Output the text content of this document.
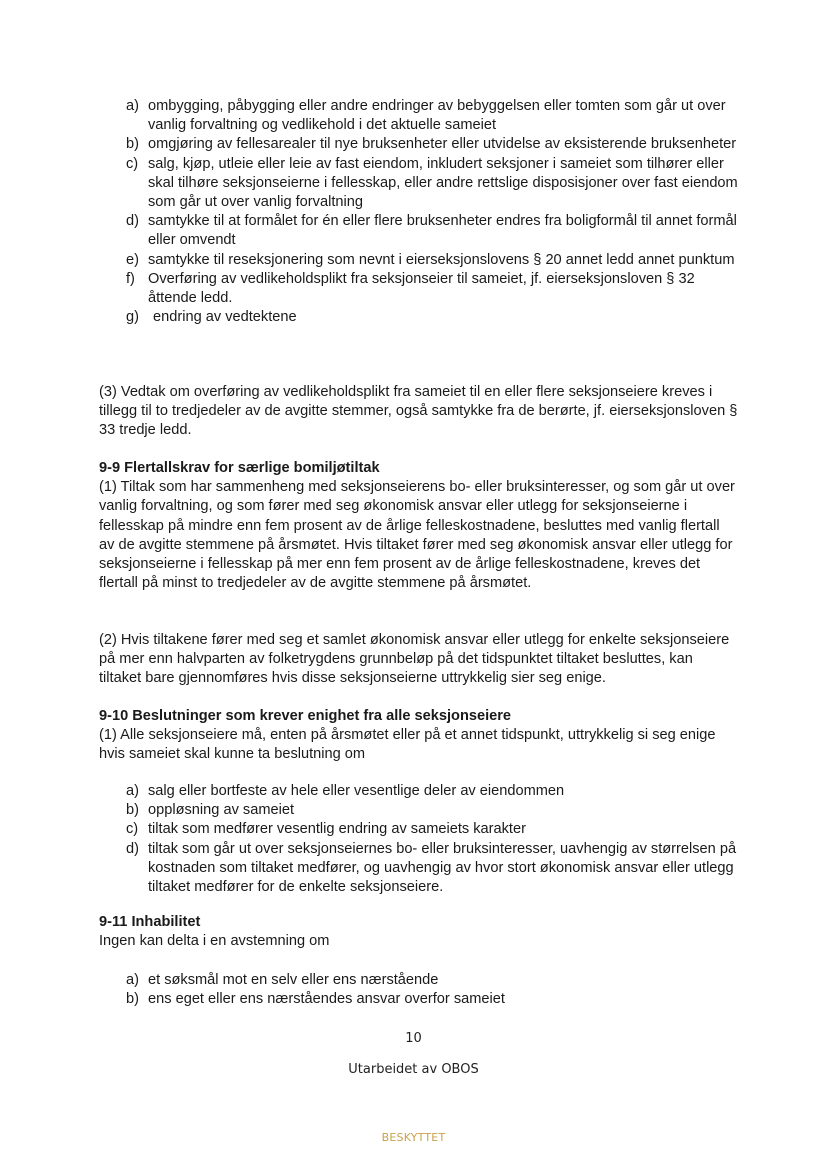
a) ombygging, påbygging eller andre endringer av bebyggelsen eller tomten som går ut over vanlig forvaltning og vedlikehold i det aktuelle sameiet
b) omgjøring av fellesarealer til nye bruksenheter eller utvidelse av eksisterende bruksenheter
c) salg, kjøp, utleie eller leie av fast eiendom, inkludert seksjoner i sameiet som tilhører eller skal tilhøre seksjonseierne i fellesskap, eller andre rettslige disposisjoner over fast eiendom som går ut over vanlig forvaltning
d) samtykke til at formålet for én eller flere bruksenheter endres fra boligformål til annet formål eller omvendt
e) samtykke til reseksjonering som nevnt i eierseksjonslovens § 20 annet ledd annet punktum
f) Overføring av vedlikeholdsplikt fra seksjonseier til sameiet, jf. eierseksjonsloven § 32 åttende ledd.
g) endring av vedtektene
(3) Vedtak om overføring av vedlikeholdsplikt fra sameiet til en eller flere seksjonseiere kreves i tillegg til to tredjedeler av de avgitte stemmer, også samtykke fra de berørte, jf. eierseksjonsloven § 33 tredje ledd.
9-9 Flertallskrav for særlige bomiljøtiltak
(1) Tiltak som har sammenheng med seksjonseierens bo- eller bruksinteresser, og som går ut over vanlig forvaltning, og som fører med seg økonomisk ansvar eller utlegg for seksjonseierne i fellesskap på mindre enn fem prosent av de årlige felleskostnadene, besluttes med vanlig flertall av de avgitte stemmene på årsmøtet. Hvis tiltaket fører med seg økonomisk ansvar eller utlegg for seksjonseierne i fellesskap på mer enn fem prosent av de årlige felleskostnadene, kreves det flertall på minst to tredjedeler av de avgitte stemmene på årsmøtet.
(2) Hvis tiltakene fører med seg et samlet økonomisk ansvar eller utlegg for enkelte seksjonseiere på mer enn halvparten av folketrygdens grunnbeløp på det tidspunktet tiltaket besluttes, kan tiltaket bare gjennomføres hvis disse seksjonseierne uttrykkelig sier seg enige.
9-10 Beslutninger som krever enighet fra alle seksjonseiere
(1) Alle seksjonseiere må, enten på årsmøtet eller på et annet tidspunkt, uttrykkelig si seg enige hvis sameiet skal kunne ta beslutning om
a) salg eller bortfeste av hele eller vesentlige deler av eiendommen
b) oppløsning av sameiet
c) tiltak som medfører vesentlig endring av sameiets karakter
d) tiltak som går ut over seksjonseiernes bo- eller bruksinteresser, uavhengig av størrelsen på kostnaden som tiltaket medfører, og uavhengig av hvor stort økonomisk ansvar eller utlegg tiltaket medfører for de enkelte seksjonseiere.
9-11 Inhabilitet
Ingen kan delta i en avstemning om
a) et søksmål mot en selv eller ens nærstående
b) ens eget eller ens nærståendes ansvar overfor sameiet
10
Utarbeidet av OBOS
BESKYTTET
